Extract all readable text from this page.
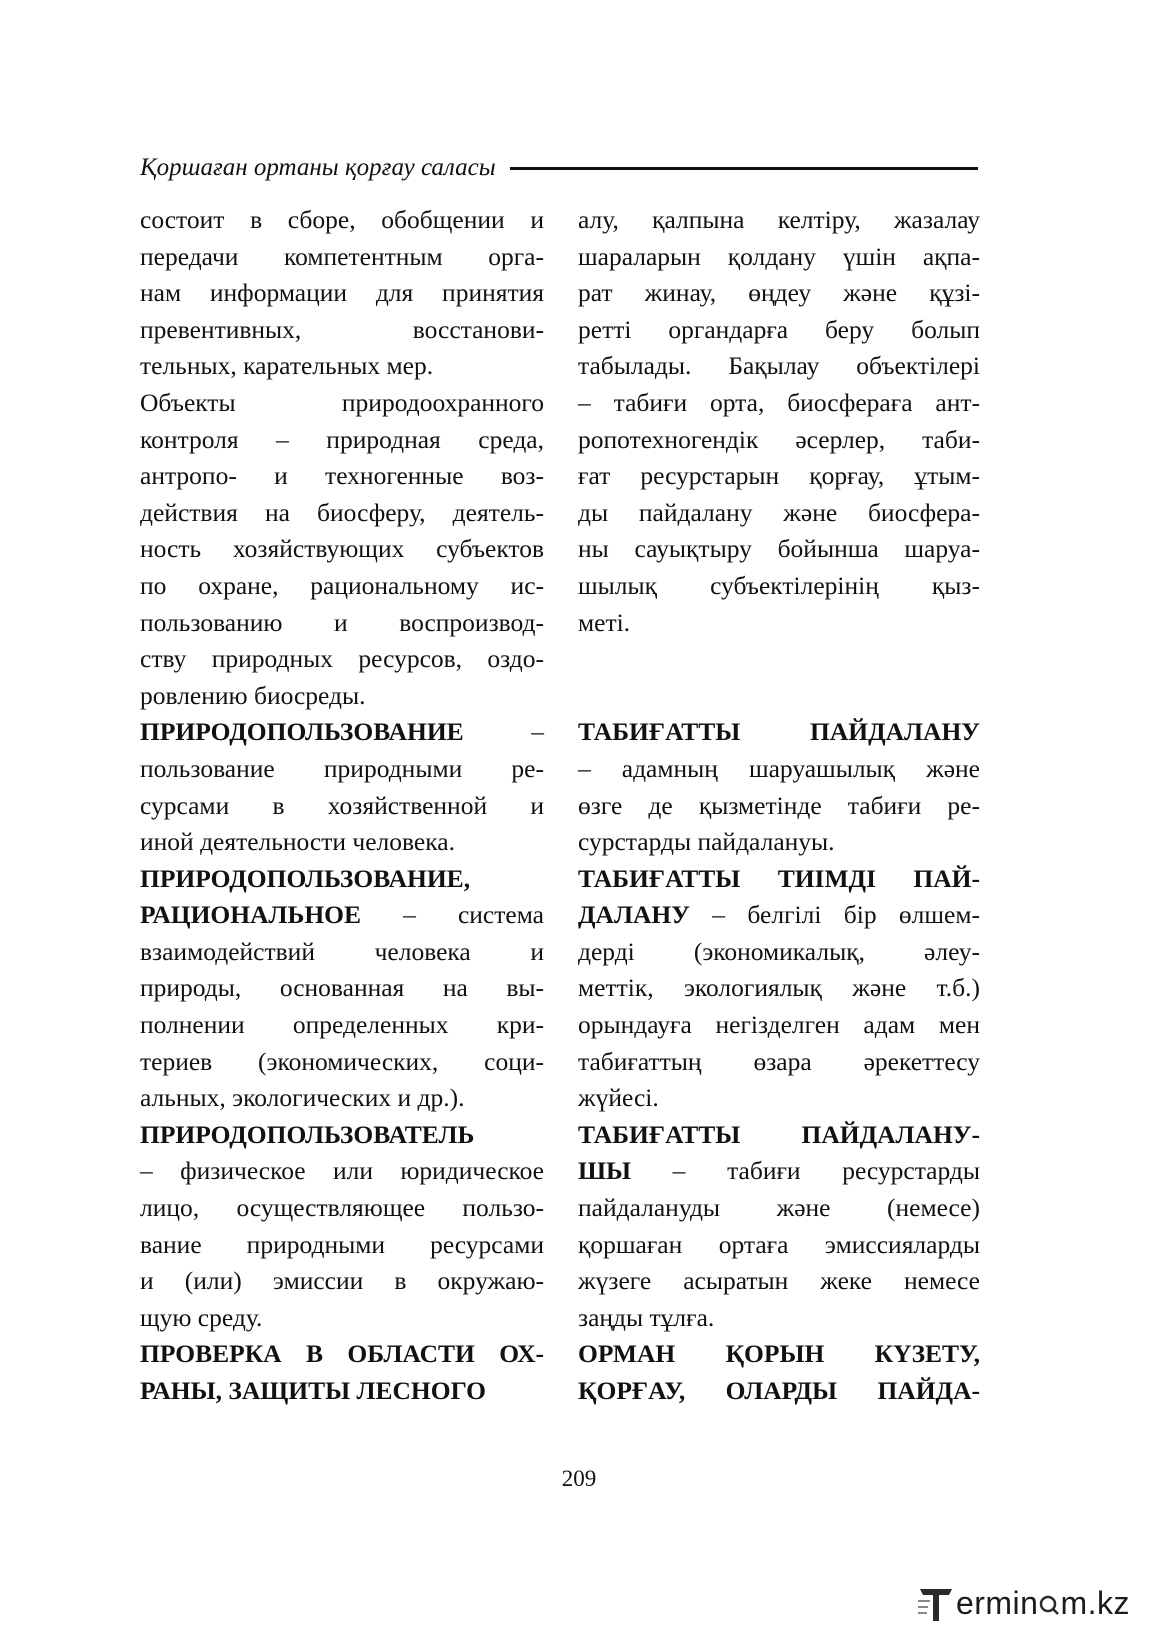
Қоршаған ортаны қорғау саласы
состоит в сборе, обобщении и
передачи компетентным орга-
нам информации для принятия
превентивных, восстанови-
тельных, карательных мер.
Объекты природоохранного
контроля – природная среда,
антропо- и техногенные воз-
действия на биосферу, деятель-
ность хозяйствующих субъектов
по охране, рациональному ис-
пользованию и воспроизвод-
ству природных ресурсов, оздо-
ровлению биосреды.
ПРИРОДОПОЛЬЗОВАНИЕ –
пользование природными ре-
сурсами в хозяйственной и
иной деятельности человека.
ПРИРОДОПОЛЬЗОВАНИЕ,
РАЦИОНАЛЬНОЕ – система
взаимодействий человека и
природы, основанная на вы-
полнении определенных кри-
териев (экономических, соци-
альных, экологических и др.).
ПРИРОДОПОЛЬЗОВАТЕЛЬ
– физическое или юридическое
лицо, осуществляющее пользо-
вание природными ресурсами
и (или) эмиссии в окружаю-
щую среду.
ПРОВЕРКА В ОБЛАСТИ ОХ-
РАНЫ, ЗАЩИТЫ ЛЕСНОГО
алу, қалпына келтіру, жазалау
шараларын қолдану үшін ақпа-
рат жинау, өңдеу және құзі-
ретті органдарға беру болып
табылады. Бақылау объектілері
– табиғи орта, биосфераға ант-
ропотехногендік әсерлер, таби-
ғат ресурстарын қорғау, ұтым-
ды пайдалану және биосфера-
ны сауықтыру бойынша шаруа-
шылық субъектілерінің қыз-
меті.
ТАБИҒАТТЫ ПАЙДАЛАНУ
– адамның шаруашылық және
өзге де қызметінде табиғи ре-
сурстарды пайдалануы.
ТАБИҒАТТЫ ТИІМДІ ПАЙ-
ДАЛАНУ – белгілі бір өлшем-
дерді (экономикалық, әлеу-
меттік, экологиялық және т.б.)
орындауға негізделген адам мен
табиғаттың өзара әрекеттесу
жүйесі.
ТАБИҒАТТЫ ПАЙДАЛАНУ-
ШЫ – табиғи ресурстарды
пайдалануды және (немесе)
қоршаған ортаға эмиссияларды
жүзеге асыратын жеке немесе
заңды тұлға.
ОРМАН ҚОРЫН КҮЗЕТУ,
ҚОРҒАУ, ОЛАРДЫ ПАЙДА-
209
ermin m.kz
